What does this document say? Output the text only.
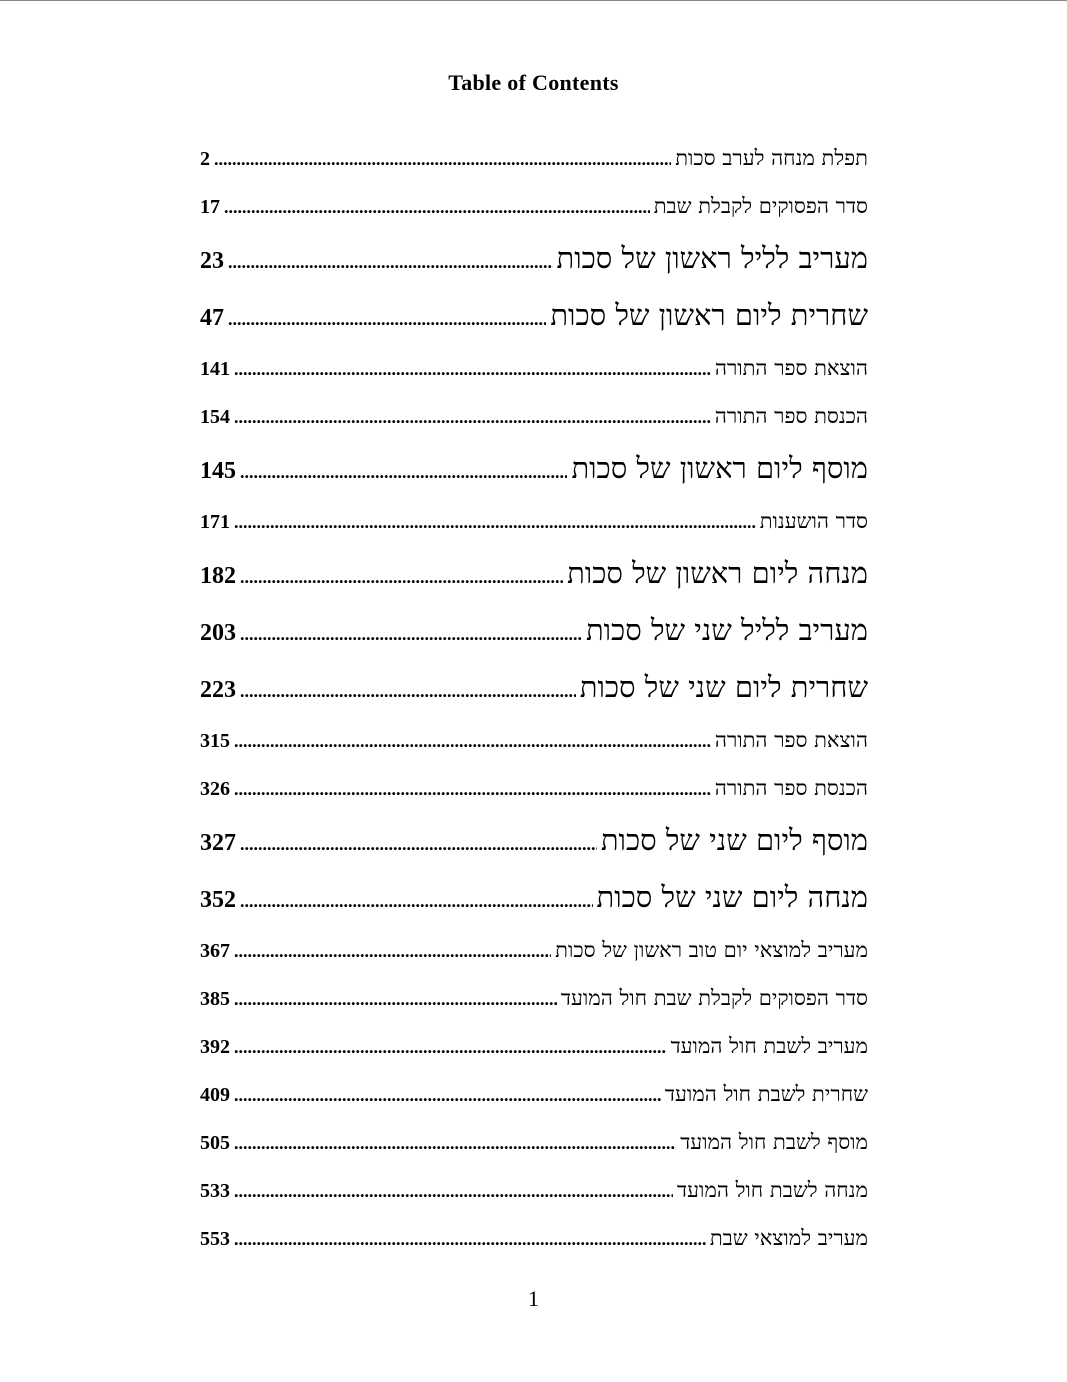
Table of Contents
תפלת מנחה לערב סכות
.....
2
סדר הפסוקים לקבלת שבת
.....
17
מעריב לליל ראשון של סכות
.....
23
שחרית ליום ראשון של סכות
.....
47
הוצאת ספר התורה
.....
141
הכנסת ספר התורה
.....
154
מוסף ליום ראשון של סכות
.....
145
סדר הושענות
.....
171
מנחה ליום ראשון של סכות
.....
182
מעריב לליל שני של סכות
.....
203
שחרית ליום שני של סכות
.....
223
הוצאת ספר התורה
.....
315
הכנסת ספר התורה
.....
326
מוסף ליום שני של סכות
.....
327
מנחה ליום שני של סכות
.....
352
מעריב למוצאי יום טוב ראשון של סכות
.....
367
סדר הפסוקים לקבלת שבת חול המועד
.....
385
מעריב לשבת חול המועד
.....
392
שחרית לשבת חול המועד
.....
409
מוסף לשבת חול המועד
.....
505
מנחה לשבת חול המועד
.....
533
מעריב למוצאי שבת
.....
553
1
